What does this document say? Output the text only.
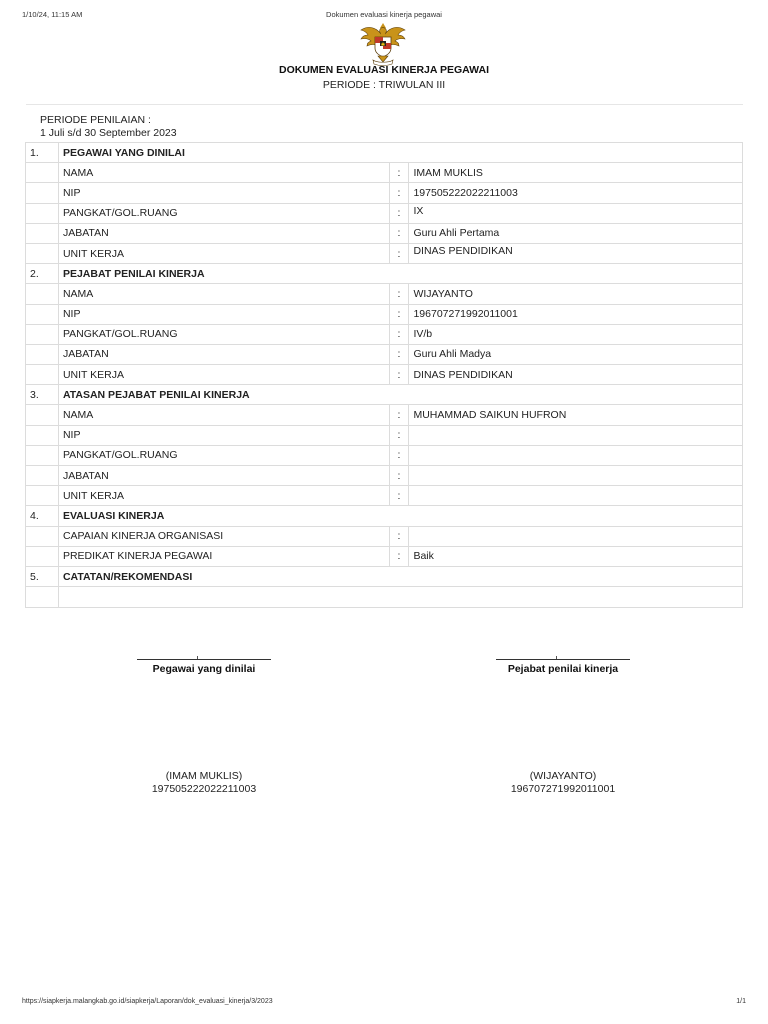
1/10/24, 11:15 AM	Dokumen evaluasi kinerja pegawai
DOKUMEN EVALUASI KINERJA PEGAWAI
PERIODE : TRIWULAN III
PERIODE PENILAIAN :
1 Juli s/d 30 September 2023
1.	PEGAWAI YANG DINILAI		
	NAMA	:	IMAM MUKLIS
	NIP	:	197505222022211003
	PANGKAT/GOL.RUANG	:	IX
	JABATAN	:	Guru Ahli Pertama
	UNIT KERJA	:	DINAS PENDIDIKAN
2.	PEJABAT PENILAI KINERJA		
	NAMA	:	WIJAYANTO
	NIP	:	196707271992011001
	PANGKAT/GOL.RUANG	:	IV/b
	JABATAN	:	Guru Ahli Madya
	UNIT KERJA	:	DINAS PENDIDIKAN
3.	ATASAN PEJABAT PENILAI KINERJA		
	NAMA	:	MUHAMMAD SAIKUN HUFRON
	NIP	:	
	PANGKAT/GOL.RUANG	:	
	JABATAN	:	
	UNIT KERJA	:	
4.	EVALUASI KINERJA		
	CAPAIAN KINERJA ORGANISASI	:	
	PREDIKAT KINERJA PEGAWAI	:	Baik
5.	CATATAN/REKOMENDASI		

Pegawai yang dinilai	Pejabat penilai kinerja
(IMAM MUKLIS)
197505222022211003
(WIJAYANTO)
196707271992011001
https://siapkerja.malangkab.go.id/siapkerja/Laporan/dok_evaluasi_kinerja/3/2023	1/1
